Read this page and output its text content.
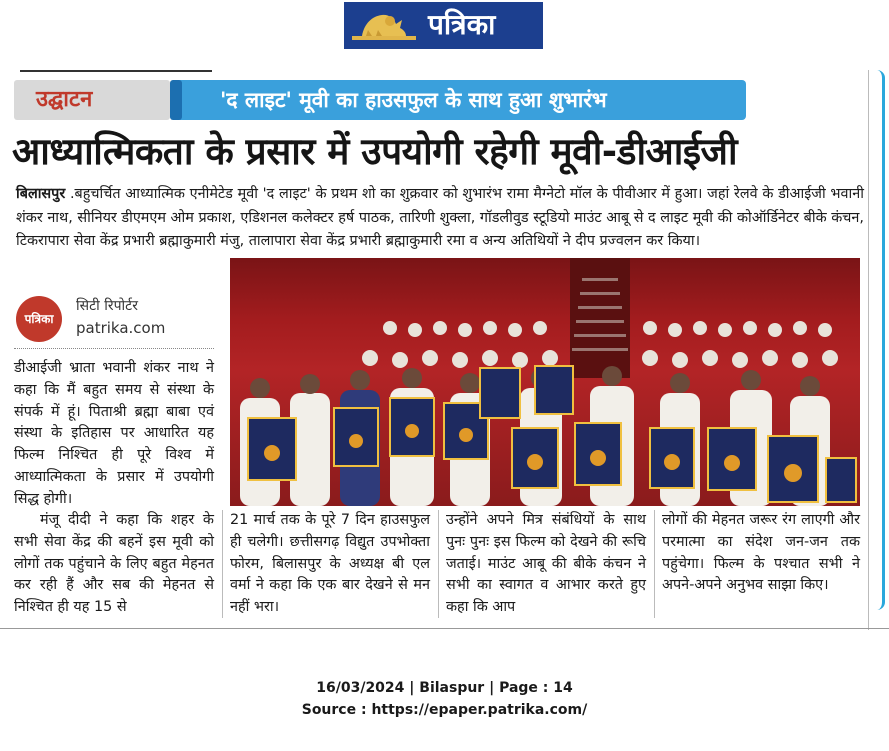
पत्रिका
उद्घाटन	'द लाइट' मूवी का हाउसफुल के साथ हुआ शुभारंभ
आध्यात्मिकता के प्रसार में उपयोगी रहेगी मूवी-डीआईजी
बिलासपुर .बहुचर्चित आध्यात्मिक एनीमेटेड मूवी 'द लाइट' के प्रथम शो का शुक्रवार को शुभारंभ रामा मैग्नेटो मॉल के पीवीआर में हुआ। जहां रेलवे के डीआईजी भवानी शंकर नाथ, सीनियर डीएमएम ओम प्रकाश, एडिशनल कलेक्टर हर्ष पाठक, तारिणी शुक्ला, गॉडलीवुड स्टूडियो माउंट आबू से द लाइट मूवी की कोऑर्डिनेटर बीके कंचन, टिकरापारा सेवा केंद्र प्रभारी ब्रह्माकुमारी मंजु, तालापारा सेवा केंद्र प्रभारी ब्रह्माकुमारी रमा व अन्य अतिथियों ने दीप प्रज्वलन कर किया।
पत्रिका
सिटी रिपोर्टर
patrika.com
डीआईजी भ्राता भवानी शंकर नाथ ने कहा कि मैं बहुत समय से संस्था के संपर्क में हूं। पिताश्री ब्रह्मा बाबा एवं संस्था के इतिहास पर आधारित यह फिल्म निश्चित ही पूरे विश्व में आध्यात्मिकता के प्रसार में उपयोगी सिद्ध होगी।
मंजू दीदी ने कहा कि शहर के सभी सेवा केंद्र की बहनें इस मूवी को लोगों तक पहुंचाने के लिए बहुत मेहनत कर रही हैं और सब की मेहनत से निश्चित ही यह 15 से
21 मार्च तक के पूरे 7 दिन हाउसफुल ही चलेगी। छत्तीसगढ़ विद्युत उपभोक्ता फोरम, बिलासपुर के अध्यक्ष बी एल वर्मा ने कहा कि एक बार देखने से मन नहीं भरा।
उन्होंने अपने मित्र संबंधियों के साथ पुनः पुनः इस फिल्म को देखने की रूचि जताई। माउंट आबू की बीके कंचन ने सभी का स्वागत व आभार करते हुए कहा कि आप
लोगों की मेहनत जरूर रंग लाएगी और परमात्मा का संदेश जन-जन तक पहुंचेगा। फिल्म के पश्चात सभी ने अपने-अपने अनुभव साझा किए।
16/03/2024 | Bilaspur | Page : 14
Source : https://epaper.patrika.com/
